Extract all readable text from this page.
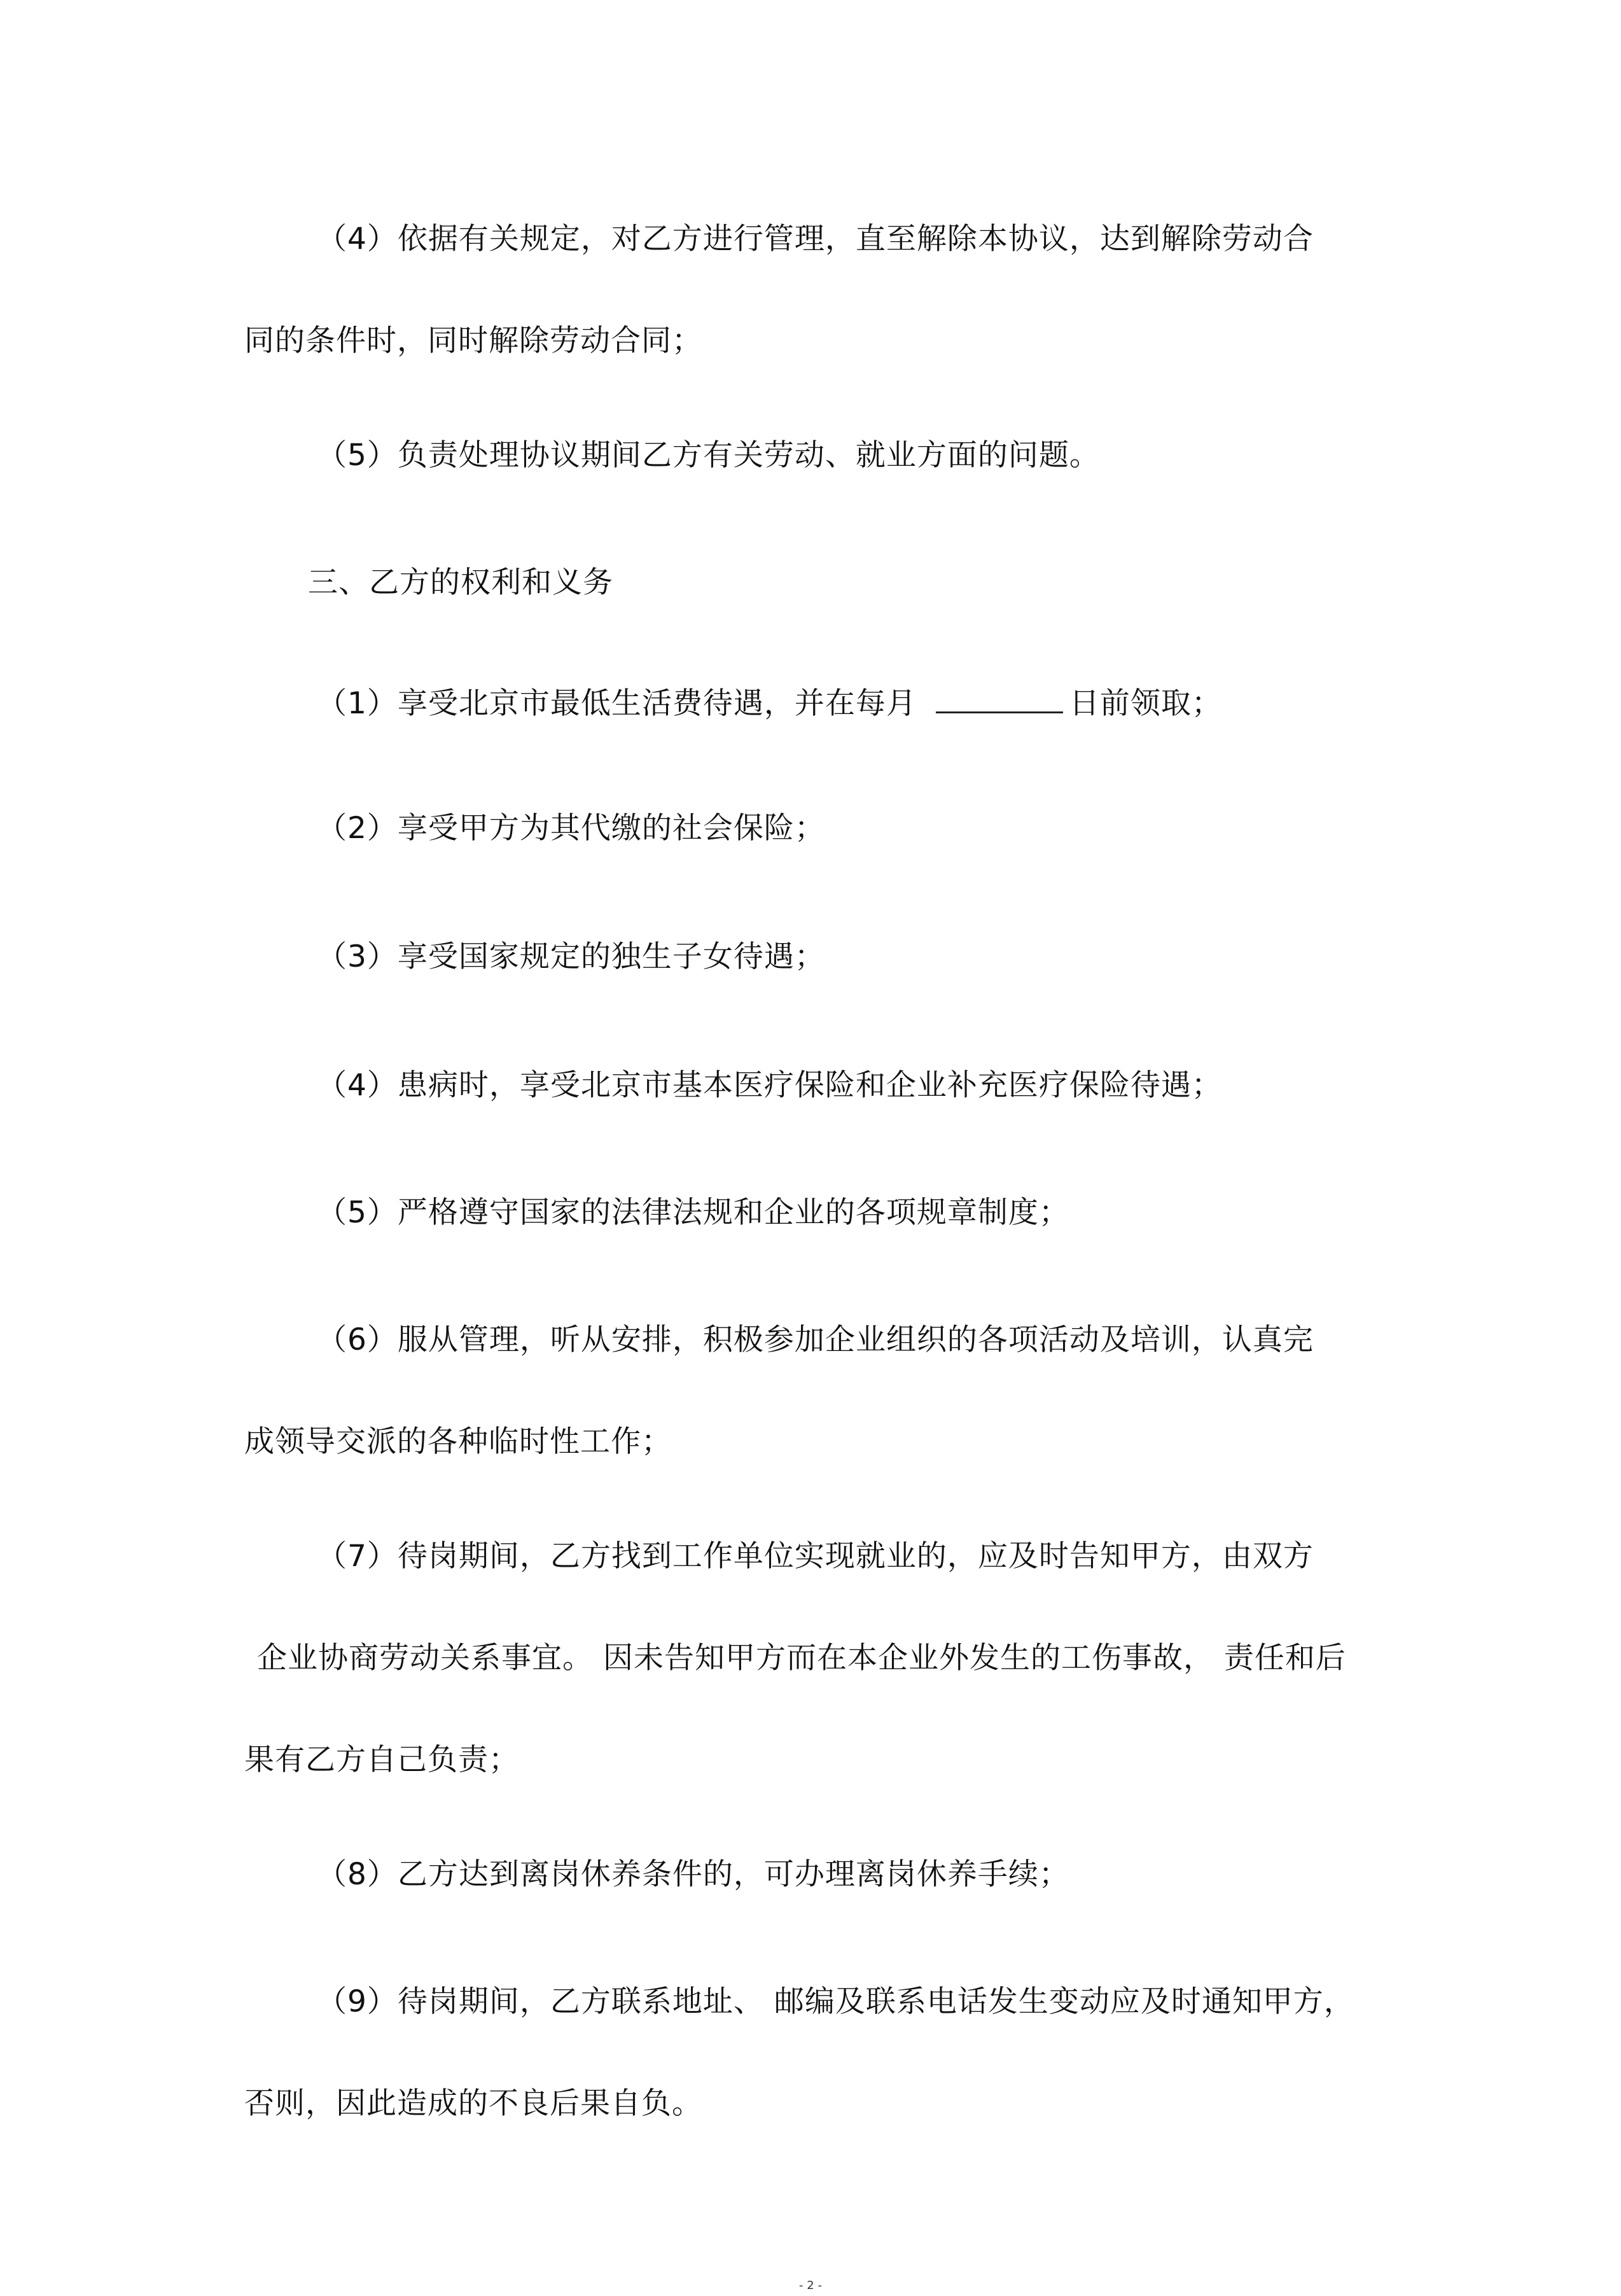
（4）依据有关规定，对乙方进行管理，直至解除本协议，达到解除劳动合
同的条件时，同时解除劳动合同；
（5）负责处理协议期间乙方有关劳动、就业方面的问题。
三、乙方的权利和义务
（1）享受北京市最低生活费待遇，并在每月	日前领取；
（2）享受甲方为其代缴的社会保险；
（3）享受国家规定的独生子女待遇；
（4）患病时，享受北京市基本医疗保险和企业补充医疗保险待遇；
（5）严格遵守国家的法律法规和企业的各项规章制度；
（6）服从管理，听从安排，积极参加企业组织的各项活动及培训，认真完
成领导交派的各种临时性工作；
（7）待岗期间，乙方找到工作单位实现就业的，应及时告知甲方，由双方
企业协商劳动关系事宜。 因未告知甲方而在本企业外发生的工伤事故， 责任和后
果有乙方自己负责；
（8）乙方达到离岗休养条件的，可办理离岗休养手续；
（9）待岗期间，乙方联系地址、 邮编及联系电话发生变动应及时通知甲方，
否则，因此造成的不良后果自负。
- 2 -
